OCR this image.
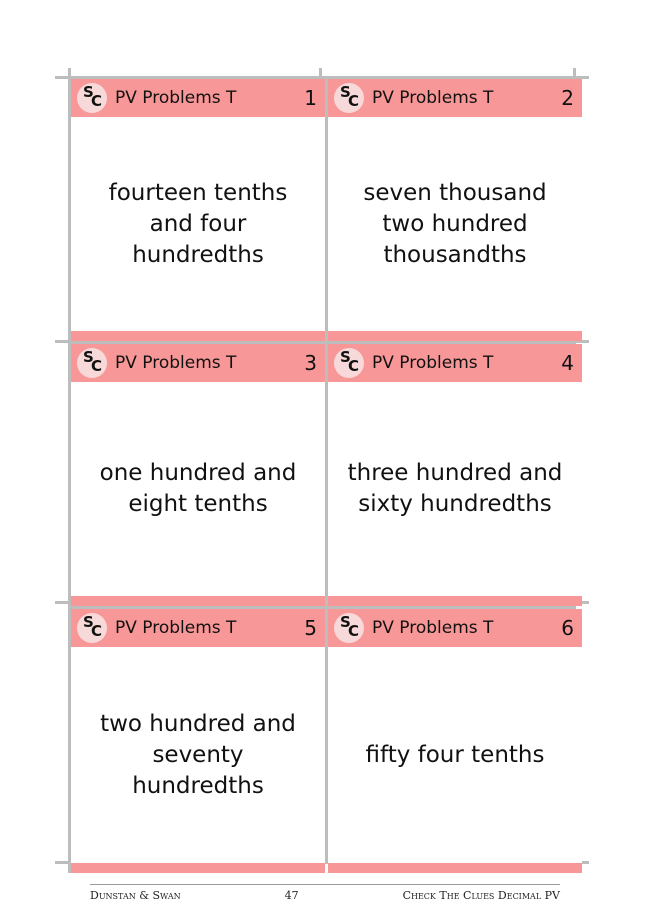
S
C PV Problems T	1
fourteen tenths and four hundredths
S
C PV Problems T	2
seven thousand two hundred thousandths
S
C PV Problems T	3
one hundred and eight tenths
S
C PV Problems T	4
three hundred and sixty hundredths
S
C PV Problems T	5
two hundred and seventy hundredths
S
C PV Problems T	6
fifty four tenths
Dunstan & Swan	47	Check The Clues Decimal PV
